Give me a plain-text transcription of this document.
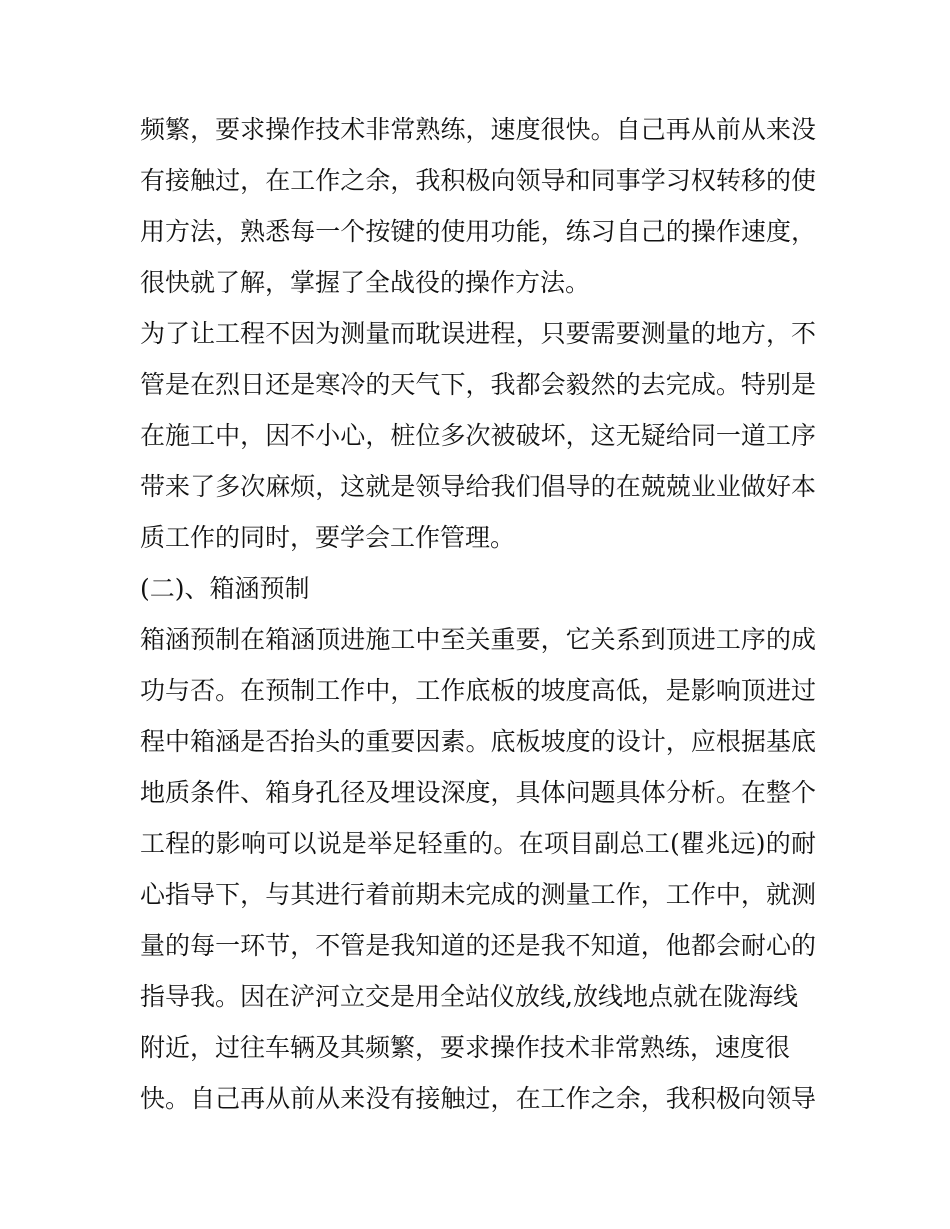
频繁，要求操作技术非常熟练，速度很快。自己再从前从来没
有接触过，在工作之余，我积极向领导和同事学习权转移的使
用方法，熟悉每一个按键的使用功能，练习自己的操作速度，
很快就了解，掌握了全战役的操作方法。
为了让工程不因为测量而耽误进程，只要需要测量的地方，不
管是在烈日还是寒冷的天气下，我都会毅然的去完成。特别是
在施工中，因不小心，桩位多次被破坏，这无疑给同一道工序
带来了多次麻烦，这就是领导给我们倡导的在兢兢业业做好本
质工作的同时，要学会工作管理。
(二)、箱涵预制
箱涵预制在箱涵顶进施工中至关重要，它关系到顶进工序的成
功与否。在预制工作中，工作底板的坡度高低，是影响顶进过
程中箱涵是否抬头的重要因素。底板坡度的设计，应根据基底
地质条件、箱身孔径及埋设深度，具体问题具体分析。在整个
工程的影响可以说是举足轻重的。在项目副总工(瞿兆远)的耐
心指导下，与其进行着前期未完成的测量工作，工作中，就测
量的每一环节，不管是我知道的还是我不知道，他都会耐心的
指导我。因在浐河立交是用全站仪放线,放线地点就在陇海线
附近，过往车辆及其频繁，要求操作技术非常熟练，速度很
快。自己再从前从来没有接触过，在工作之余，我积极向领导
